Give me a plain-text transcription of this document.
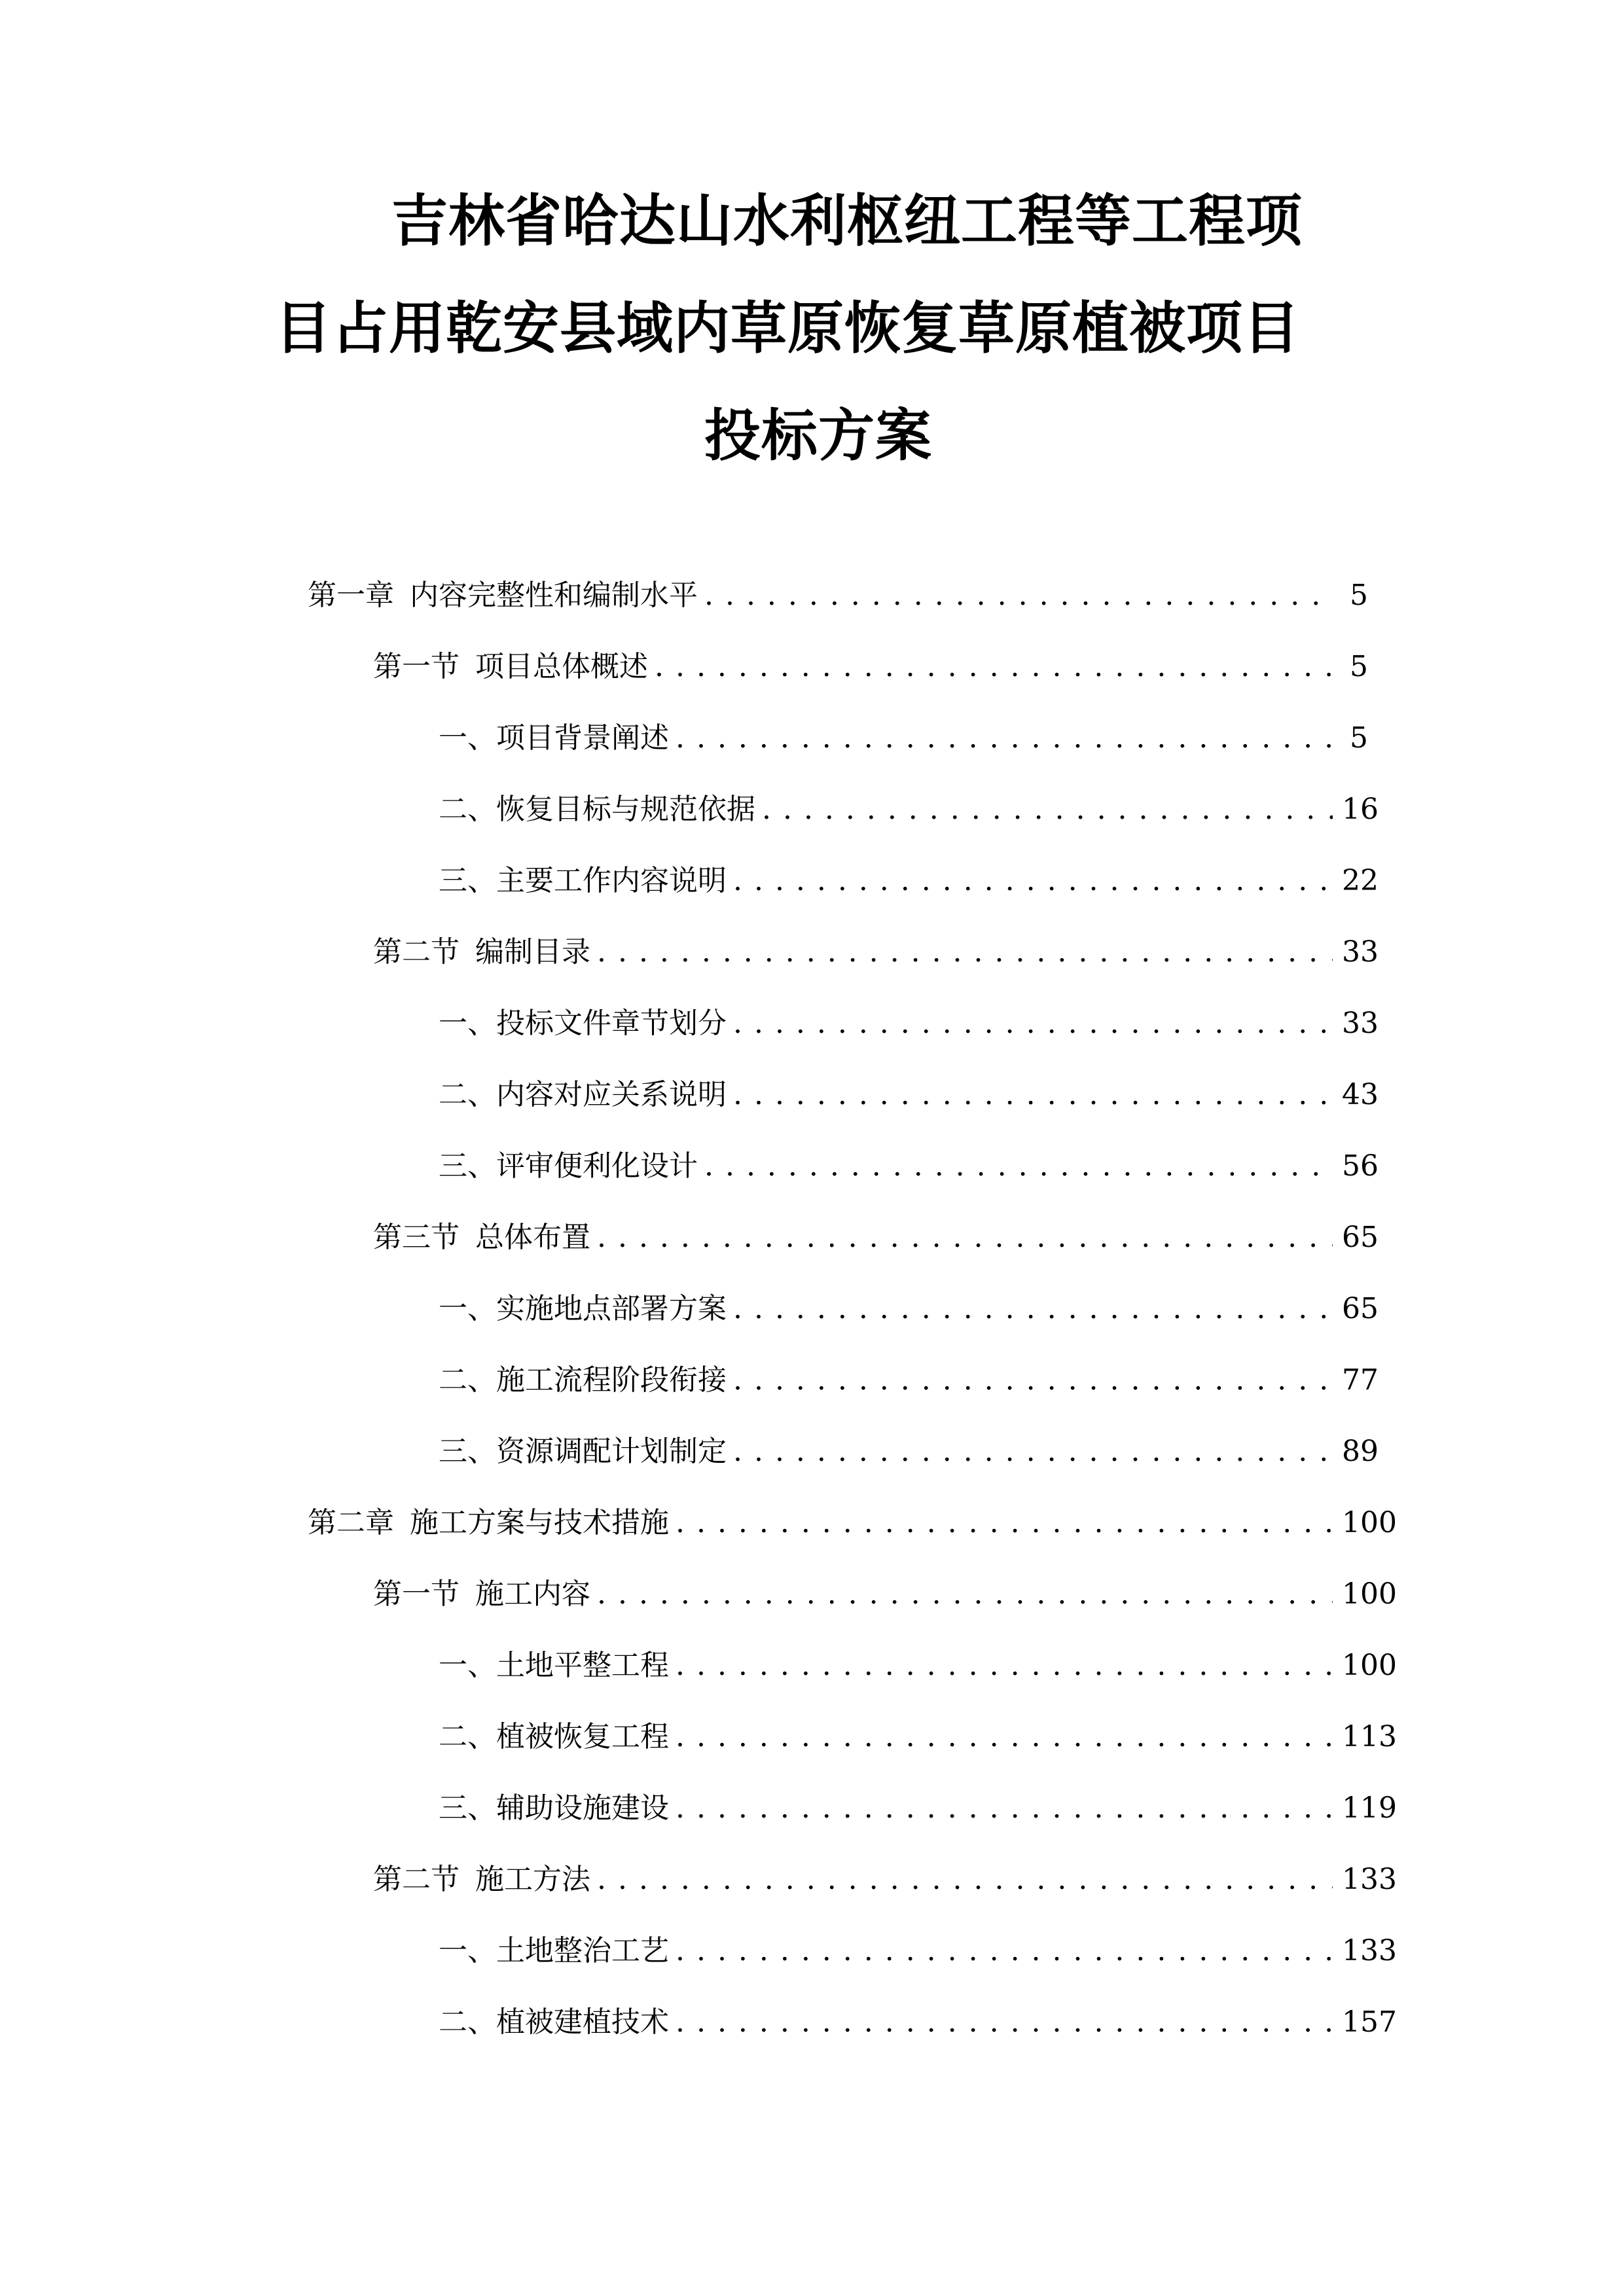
吉林省哈达山水利枢纽工程等工程项
目占用乾安县域内草原恢复草原植被项目
投标方案
第一章 内容完整性和编制水平 . . .	5
第一节 项目总体概述 . . .	5
一、 项目背景阐述 . . .	5
二、 恢复目标与规范依据 . . .	16
三、 主要工作内容说明 . . .	22
第二节 编制目录 . . .	33
一、 投标文件章节划分 . . .	33
二、 内容对应关系说明 . . .	43
三、 评审便利化设计 . . .	56
第三节 总体布置 . . .	65
一、 实施地点部署方案 . . .	65
二、 施工流程阶段衔接 . . .	77
三、 资源调配计划制定 . . .	89
第二章 施工方案与技术措施 . . .	100
第一节 施工内容 . . .	100
一、 土地平整工程 . . .	100
二、 植被恢复工程 . . .	113
三、 辅助设施建设 . . .	119
第二节 施工方法 . . .	133
一、 土地整治工艺 . . .	133
二、 植被建植技术 . . .	157
